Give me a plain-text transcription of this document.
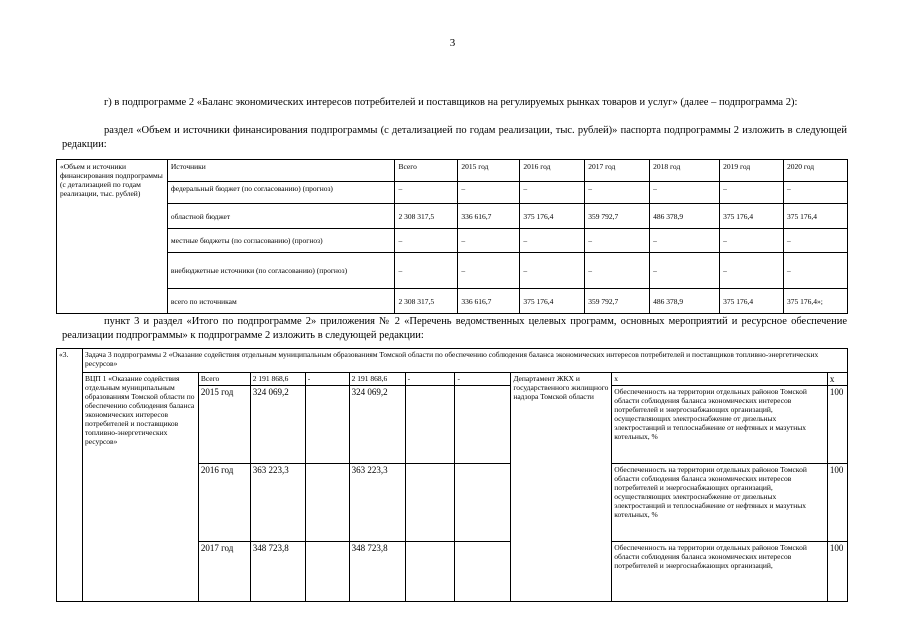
3
г) в подпрограмме 2 «Баланс экономических интересов потребителей и поставщиков на регулируемых рынках товаров и услуг» (далее – подпрограмма 2):
раздел «Объем и источники финансирования подпрограммы (с детализацией по годам реализации, тыс. рублей)» паспорта подпрограммы 2 изложить в следующей редакции:
«Объем и источники финансирования подпрограммы (с детализацией по годам реализации, тыс. рублей)	Источники	Всего	2015 год	2016 год	2017 год	2018 год	2019 год	2020 год
	федеральный бюджет (по согласованию) (прогноз)	–	–	–	–	–	–	–
	областной бюджет	2 308 317,5	336 616,7	375 176,4	359 792,7	486 378,9	375 176,4	375 176,4
	местные бюджеты (по согласованию) (прогноз)	–	–	–	–	–	–	–
	внебюджетные источники (по согласованию) (прогноз)	–	–	–	–	–	–	–
	всего по источникам	2 308 317,5	336 616,7	375 176,4	359 792,7	486 378,9	375 176,4	375 176,4»;
пункт 3 и раздел «Итого по подпрограмме 2» приложения № 2 «Перечень ведомственных целевых программ, основных мероприятий и ресурсное обеспечение реализации подпрограммы» к подпрограмме 2 изложить в следующей редакции:
«3.	Задача 3 подпрограммы 2 «Оказание содействия отдельным муниципальным образованиям Томской области по обеспечению соблюдения баланса экономических интересов потребителей и поставщиков топливно-энергетических ресурсов»									
	ВЦП 1 «Оказание содействия отдельным муниципальным образованиям Томской области по обеспечению соблюдения баланса экономических интересов потребителей и поставщиков топливно-энергетических ресурсов»	Всего	2 191 868,6	-	2 191 868,6	-	-	Департамент ЖКХ и государственного жилищного надзора Томской области	х	х
		2015 год	324 069,2		324 069,2				Обеспеченность на территории отдельных районов Томской области соблюдения баланса экономических интересов потребителей и энергоснабжающих организаций, осуществляющих электроснабжение от дизельных электростанций и теплоснабжение от нефтяных и мазутных котельных, %	100
		2016 год	363 223,3		363 223,3				Обеспеченность на территории отдельных районов Томской области соблюдения баланса экономических интересов потребителей и энергоснабжающих организаций, осуществляющих электроснабжение от дизельных электростанций и теплоснабжение от нефтяных и мазутных котельных, %	100
		2017 год	348 723,8		348 723,8				Обеспеченность на территории отдельных районов Томской области соблюдения баланса экономических интересов потребителей и энергоснабжающих организаций,	100
